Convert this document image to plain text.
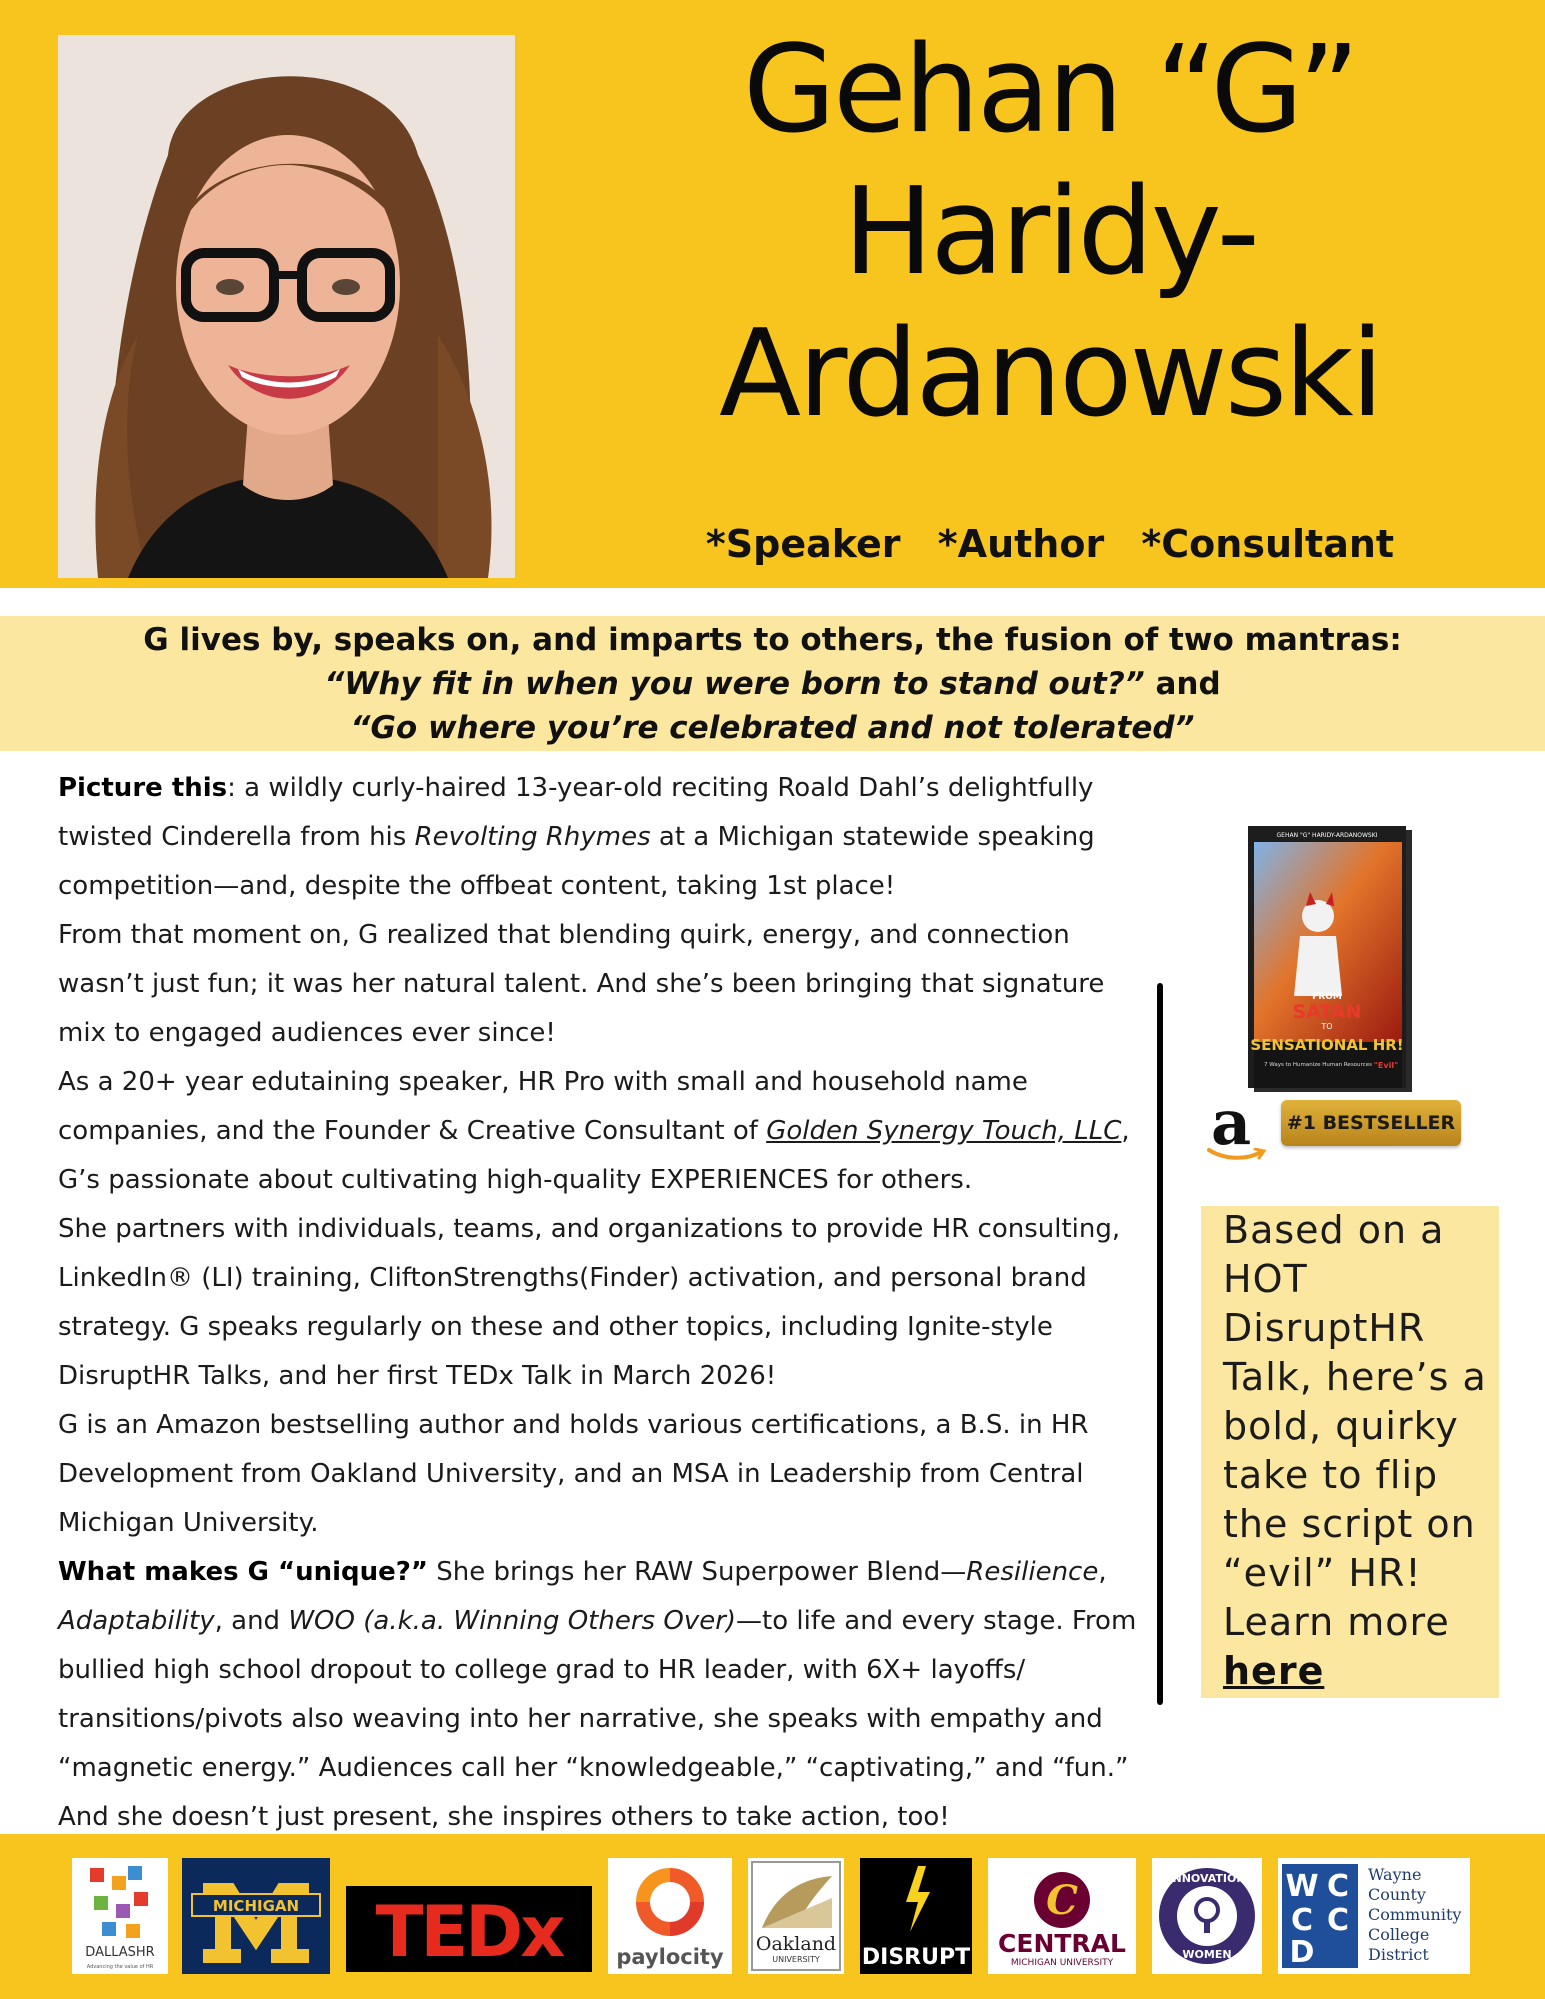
Gehan “G”
Haridy-
Ardanowski
*Speaker *Author *Consultant
G lives by, speaks on, and imparts to others, the fusion of two mantras:
“Why fit in when you were born to stand out?” and
“Go where you’re celebrated and not tolerated”

Picture this: a wildly curly-haired 13-year-old reciting Roald Dahl’s delightfully twisted Cinderella from his Revolting Rhymes at a Michigan statewide speaking competition—and, despite the offbeat content, taking 1st place!

From that moment on, G realized that blending quirk, energy, and connection wasn’t just fun; it was her natural talent. And she’s been bringing that signature mix to engaged audiences ever since!

As a 20+ year edutaining speaker, HR Pro with small and household name companies, and the Founder & Creative Consultant of Golden Synergy Touch, LLC, G’s passionate about cultivating high-quality EXPERIENCES for others.

She partners with individuals, teams, and organizations to provide HR consulting, LinkedIn® (LI) training, CliftonStrengths(Finder) activation, and personal brand strategy. G speaks regularly on these and other topics, including Ignite-style DisruptHR Talks, and her first TEDx Talk in March 2026!

G is an Amazon bestselling author and holds various certifications, a B.S. in HR Development from Oakland University, and an MSA in Leadership from Central Michigan University.

What makes G “unique?” She brings her RAW Superpower Blend—Resilience, Adaptability, and WOO (a.k.a. Winning Others Over)—to life and every stage. From bullied high school dropout to college grad to HR leader, with 6X+ layoffs/ transitions/pivots also weaving into her narrative, she speaks with empathy and “magnetic energy.” Audiences call her “knowledgeable,” “captivating,” and “fun.” And she doesn’t just present, she inspires others to take action, too!

GEHAN "G" HARIDY-ARDANOWSKI
FROM
SATAN
TO
SENSATIONAL HR!
7 Ways to Humanize Human Resources "Evil"
a	#1 BESTSELLER
Based on a HOT DisruptHR Talk, here’s a bold, quirky take to flip the script on “evil” HR! Learn more here
DALLASHR
Advancing the value of HR
MICHIGAN TEDx	paylocity
Oakland
UNIVERSITY DISRUPT
C
CENTRAL
MICHIGAN UNIVERSITY
INNOVATION
WOMEN
W C
C C
D
Wayne
County
Community
College
District
